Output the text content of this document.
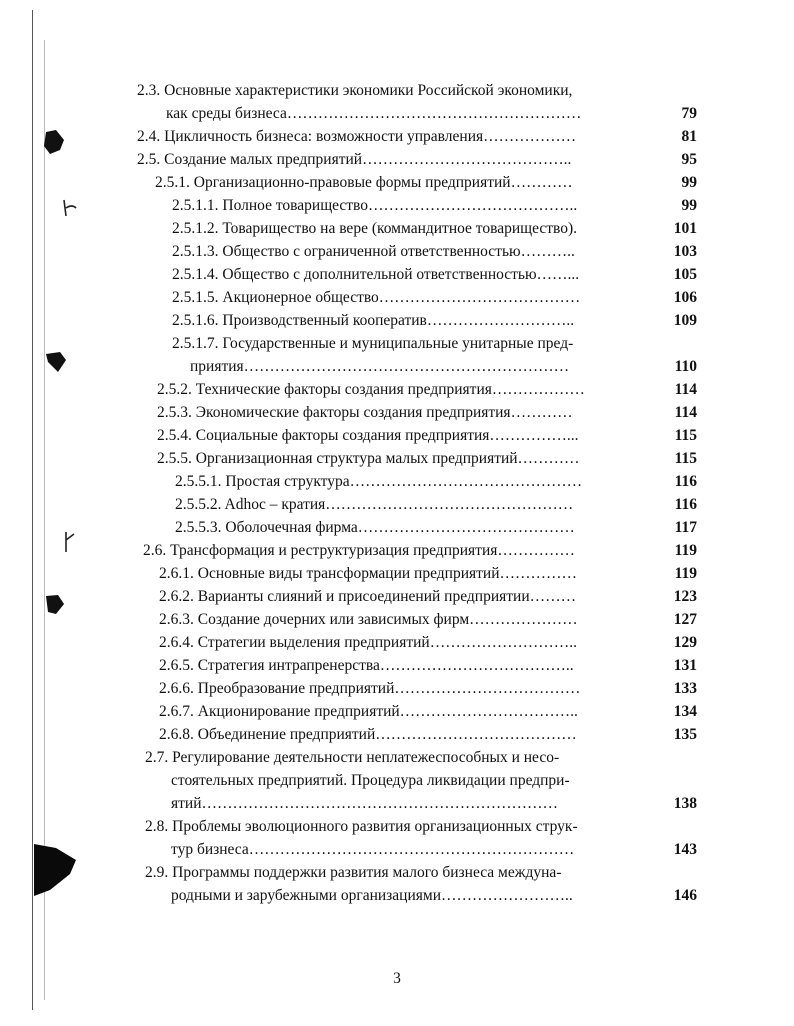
2.3. Основные характеристики экономики Российской экономики,
как среды бизнеса…………………………………………………	79
2.4. Цикличность бизнеса: возможности управления………………	81
2.5. Создание малых предприятий…………………………………..	95
2.5.1. Организационно-правовые формы предприятий…………	99
2.5.1.1. Полное товарищество…………………………………..	99
2.5.1.2. Товарищество на вере (коммандитное товарищество).	101
2.5.1.3. Общество с ограниченной ответственностью………..	103
2.5.1.4. Общество с дополнительной ответственностью……...	105
2.5.1.5. Акционерное общество…………………………………	106
2.5.1.6. Производственный кооператив………………………..	109
2.5.1.7. Государственные и муниципальные унитарные пред-
приятия………………………………………………………	110
2.5.2. Технические факторы создания предприятия………………	114
2.5.3. Экономические факторы создания предприятия…………	114
2.5.4. Социальные факторы создания предприятия……………...	115
2.5.5. Организационная структура малых предприятий…………	115
2.5.5.1. Простая структура………………………………………	116
2.5.5.2. Adhoc – кратия…………………………………………	116
2.5.5.3. Оболочечная фирма……………………………………	117
2.6. Трансформация и реструктуризация предприятия……………	119
2.6.1. Основные виды трансформации предприятий……………	119
2.6.2. Варианты слияний и присоединений предприятии………	123
2.6.3. Создание дочерних или зависимых фирм…………………	127
2.6.4. Стратегии выделения предприятий………………………..	129
2.6.5. Стратегия интрапренерства………………………………..	131
2.6.6. Преобразование предприятий………………………………	133
2.6.7. Акционирование предприятий……………………………..	134
2.6.8. Объединение предприятий…………………………………	135
2.7. Регулирование деятельности неплатежеспособных и несо-
стоятельных предприятий. Процедура ликвидации предпри-
ятий……………………………………………………………	138
2.8. Проблемы эволюционного развития организационных струк-
тур бизнеса………………………………………………………	143
2.9. Программы поддержки развития малого бизнеса междуна-
родными и зарубежными организациями……………………..	146
3
